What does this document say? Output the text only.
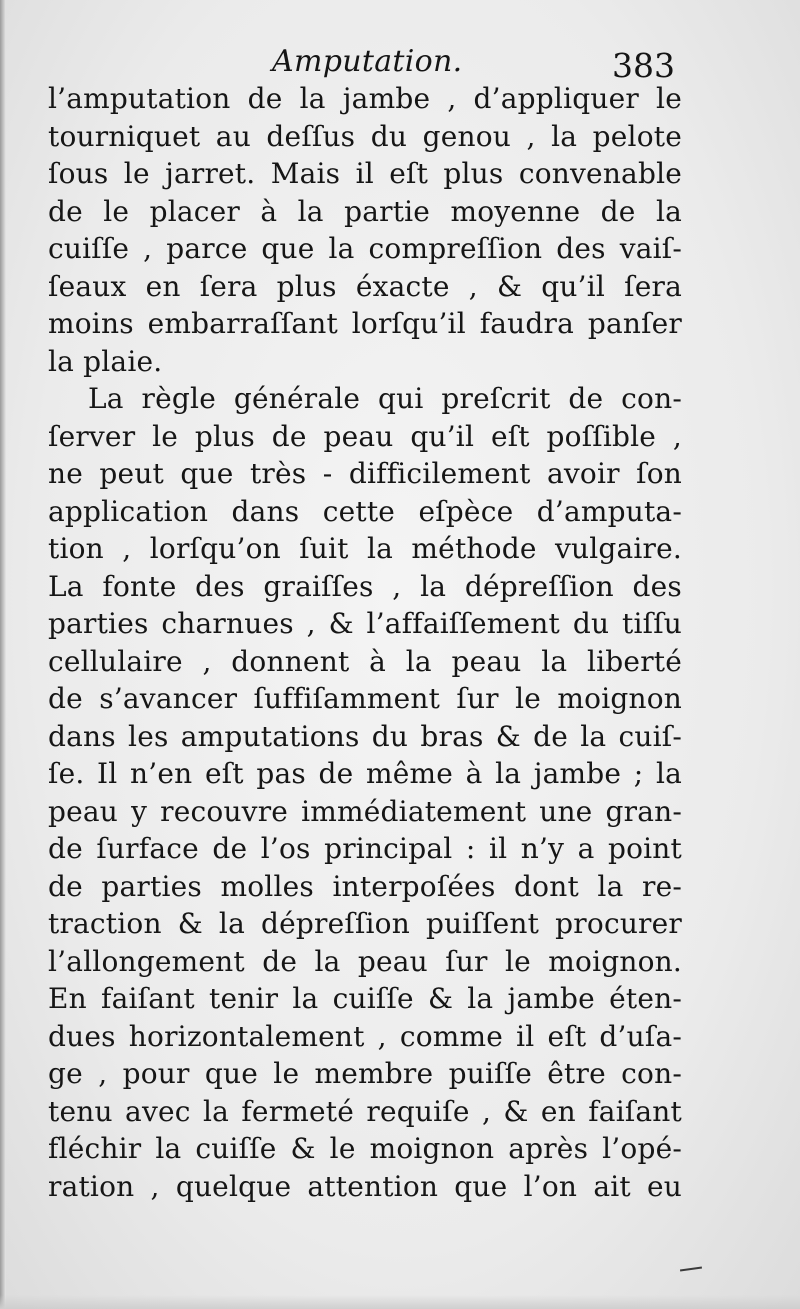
Amputation.	383
l’amputation de la jambe , d’appliquer le
tourniquet au deſſus du genou , la pelote
ſous le jarret. Mais il eſt plus convenable
de le placer à la partie moyenne de la
cuiſſe , parce que la compreſſion des vaiſ-
ſeaux en ſera plus éxacte , & qu’il ſera
moins embarraſſant lorſqu’il faudra panſer
la plaie.
La règle générale qui preſcrit de con-
ſerver le plus de peau qu’il eſt poſſible ,
ne peut que très - difficilement avoir ſon
application dans cette eſpèce d’amputa-
tion , lorſqu’on ſuit la méthode vulgaire.
La fonte des graiſſes , la dépreſſion des
parties charnues , & l’affaiſſement du tiſſu
cellulaire , donnent à la peau la liberté
de s’avancer ſuffiſamment ſur le moignon
dans les amputations du bras & de la cuiſ-
ſe. Il n’en eſt pas de même à la jambe ; la
peau y recouvre immédiatement une gran-
de ſurface de l’os principal : il n’y a point
de parties molles interpoſées dont la re-
traction & la dépreſſion puiſſent procurer
l’allongement de la peau ſur le moignon.
En faiſant tenir la cuiſſe & la jambe éten-
dues horizontalement , comme il eſt d’uſa-
ge , pour que le membre puiſſe être con-
tenu avec la fermeté requiſe , & en faiſant
fléchir la cuiſſe & le moignon après l’opé-
ration , quelque attention que l’on ait eu
